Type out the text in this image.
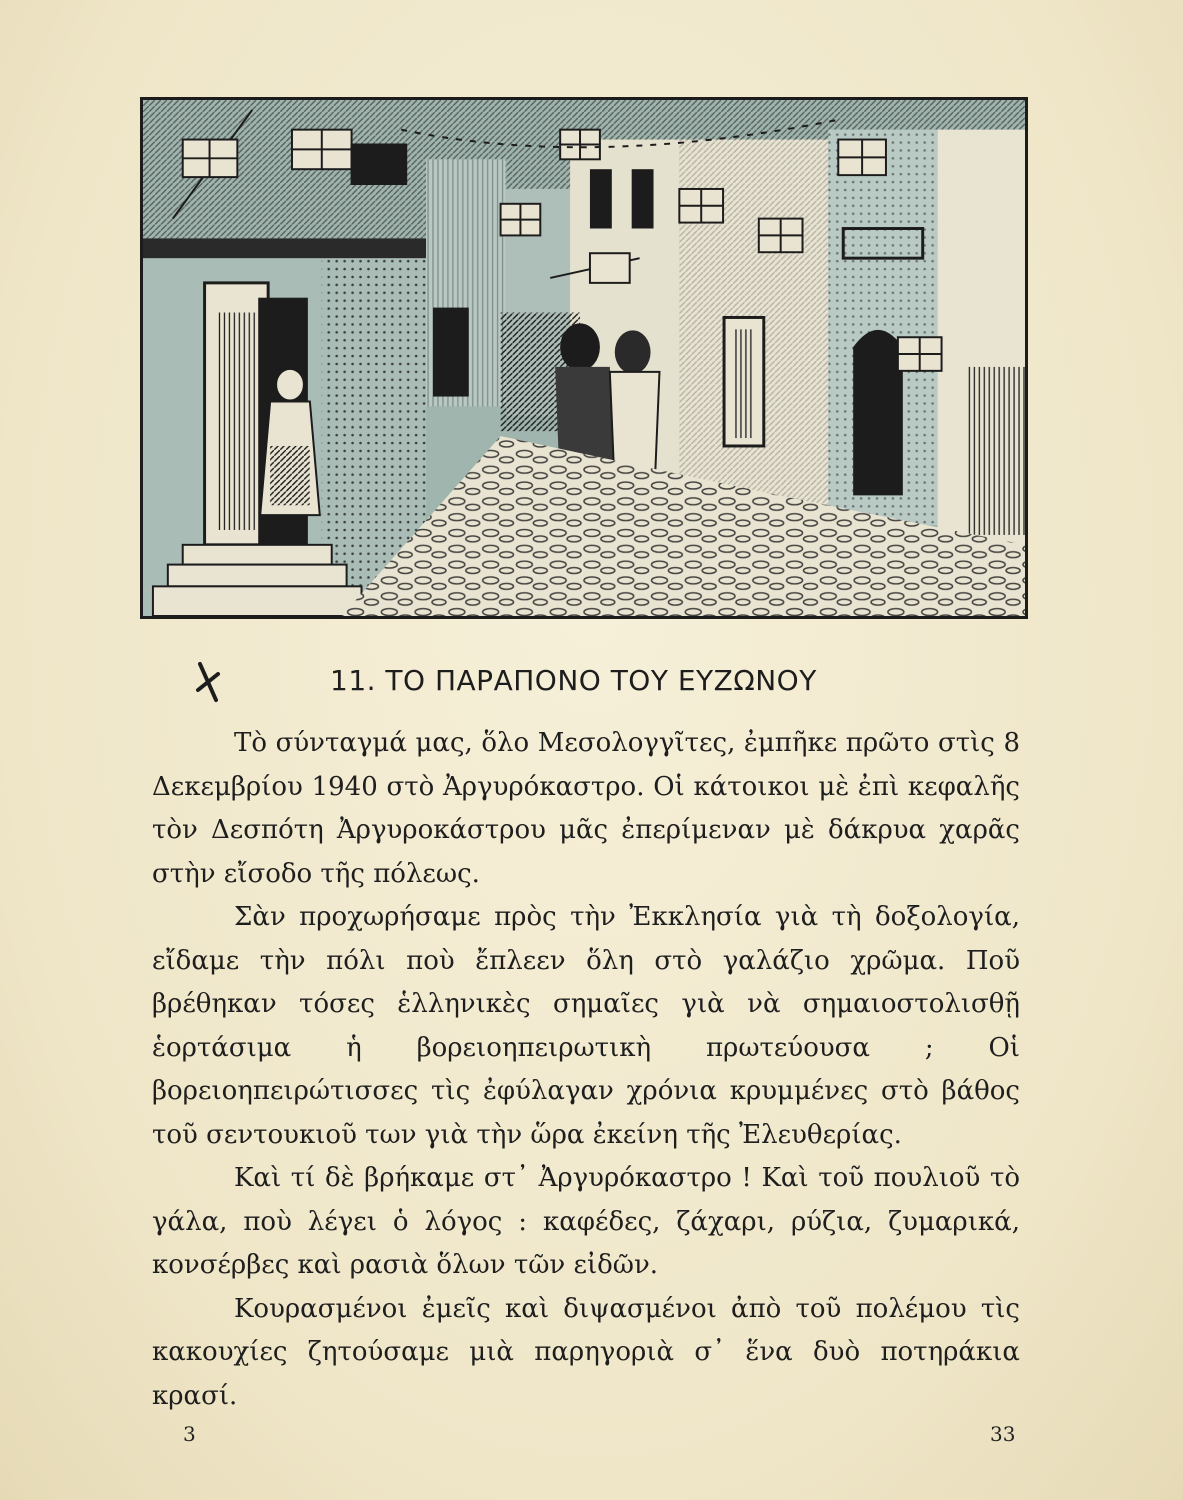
11. ΤΟ ΠΑΡΑΠΟΝΟ ΤΟΥ ΕΥΖΩΝΟΥ

Τὸ σύνταγμά μας, ὅλο Μεσολογγῖτες, ἐμπῆκε πρῶτο στὶς 8 Δεκεμβρίου 1940 στὸ Ἀργυρόκαστρο. Οἱ κάτοικοι μὲ ἐπὶ κεφαλῆς τὸν Δεσπότη Ἀργυροκάστρου μᾶς ἐπερίμεναν μὲ δάκρυα χαρᾶς στὴν εἴσοδο τῆς πόλεως.

Σὰν προχωρήσαμε πρὸς τὴν Ἐκκλησία γιὰ τὴ δοξολογία, εἴδαμε τὴν πόλι ποὺ ἔπλεεν ὅλη στὸ γαλάζιο χρῶμα. Ποῦ βρέθηκαν τόσες ἑλληνικὲς σημαῖες γιὰ νὰ σημαιοστολισθῇ ἑορτάσιμα ἡ βορειοηπειρωτικὴ πρωτεύουσα ; Οἱ βορειοηπειρώτισσες τὶς ἐφύλαγαν χρόνια κρυμμένες στὸ βάθος τοῦ σεντουκιοῦ των γιὰ τὴν ὥρα ἐκείνη τῆς Ἐλευθερίας.

Καὶ τί δὲ βρήκαμε στ᾿ Ἀργυρόκαστρο ! Καὶ τοῦ πουλιοῦ τὸ γάλα, ποὺ λέγει ὁ λόγος : καφέδες, ζάχαρι, ρύζια, ζυμαρικά, κονσέρβες καὶ ρασιὰ ὅλων τῶν εἰδῶν.

Κουρασμένοι ἐμεῖς καὶ διψασμένοι ἀπὸ τοῦ πολέμου τὶς κακουχίες ζητούσαμε μιὰ παρηγοριὰ σ᾿ ἕνα δυὸ ποτηράκια κρασί.

3	33
